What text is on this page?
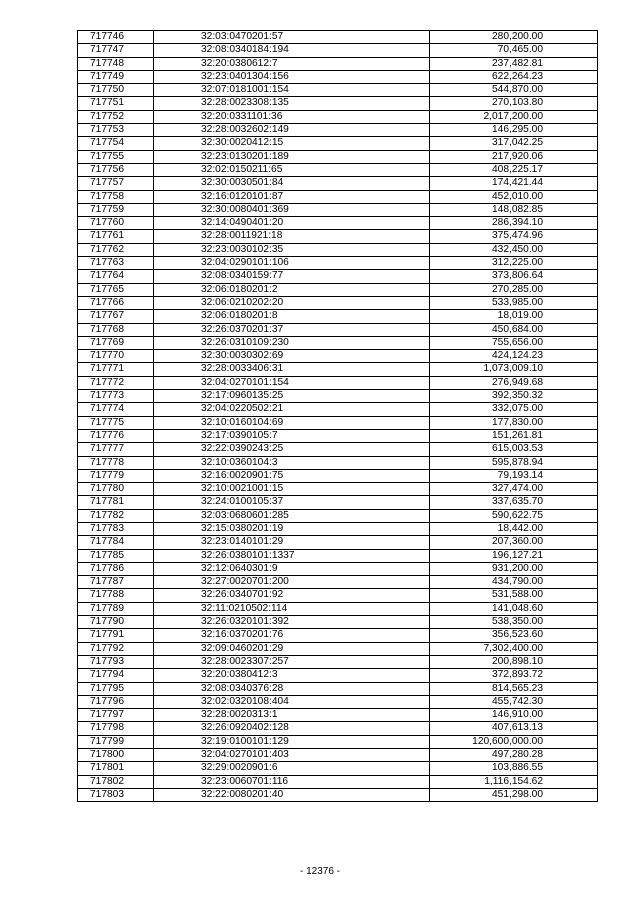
717746	32:03:0470201:57	280,200.00
717747	32:08:0340184:194	70,465.00
717748	32:20:0380612:7	237,482.81
717749	32:23:0401304:156	622,264.23
717750	32:07:0181001:154	544,870.00
717751	32:28:0023308:135	270,103.80
717752	32:20:0331101:36	2,017,200.00
717753	32:28:0032602:149	146,295.00
717754	32:30:0020412:15	317,042.25
717755	32:23:0130201:189	217,920.06
717756	32:02:0150211:65	408,225.17
717757	32:30:0030501:84	174,421.44
717758	32:16:0120101:87	452,010.00
717759	32:30:0080401:369	148,082.85
717760	32:14:0490401:20	286,394.10
717761	32:28:0011921:18	375,474.96
717762	32:23:0030102:35	432,450.00
717763	32:04:0290101:106	312,225.00
717764	32:08:0340159:77	373,806.64
717765	32:06:0180201:2	270,285.00
717766	32:06:0210202:20	533,985.00
717767	32:06:0180201:8	18,019.00
717768	32:26:0370201:37	450,684.00
717769	32:26:0310109:230	755,656.00
717770	32:30:0030302:69	424,124.23
717771	32:28:0033406:31	1,073,009.10
717772	32:04:0270101:154	276,949.68
717773	32:17:0960135:25	392,350.32
717774	32:04:0220502:21	332,075.00
717775	32:10:0160104:69	177,830.00
717776	32:17:0390105:7	151,261.81
717777	32:22:0390243:25	615,003.53
717778	32:10:0360104:3	595,878.94
717779	32:16:0020901:75	79,193.14
717780	32:10:0021001:15	327,474.00
717781	32:24:0100105:37	337,635.70
717782	32:03:0680601:285	590,622.75
717783	32:15:0380201:19	18,442.00
717784	32:23:0140101:29	207,360.00
717785	32:26:0380101:1337	196,127.21
717786	32:12:0640301:9	931,200.00
717787	32:27:0020701:200	434,790.00
717788	32:26:0340701:92	531,588.00
717789	32:11:0210502:114	141,048.60
717790	32:26:0320101:392	538,350.00
717791	32:16:0370201:76	356,523.60
717792	32:09:0460201:29	7,302,400.00
717793	32:28:0023307:257	200,898.10
717794	32:20:0380412:3	372,893.72
717795	32:08:0340376:28	814,565.23
717796	32:02:0320108:404	455,742.30
717797	32:28:0020313:1	146,910.00
717798	32:26:0920402:128	407,613.13
717799	32:19:0100101:129	120,600,000.00
717800	32:04:0270101:403	497,280.28
717801	32:29:0020901:6	103,886.55
717802	32:23:0060701:116	1,116,154.62
717803	32:22:0080201:40	451,298.00
- 12376 -
